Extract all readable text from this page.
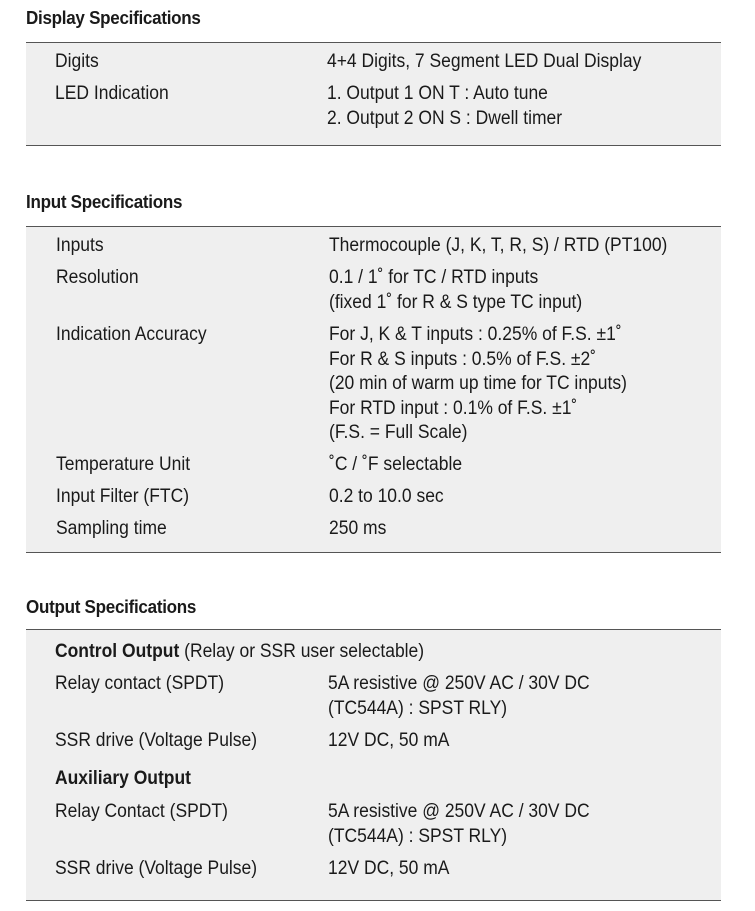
Display Specifications
Digits	4+4 Digits, 7 Segment LED Dual Display
LED Indication	1. Output 1 ON T : Auto tune
2. Output 2 ON S : Dwell timer
Input Specifications
Inputs	Thermocouple (J, K, T, R, S) / RTD (PT100)
Resolution	0.1 / 1˚ for TC / RTD inputs
(fixed 1˚ for R & S type TC input)
Indication Accuracy	For J, K & T inputs : 0.25% of F.S. ±1˚
For R & S inputs : 0.5% of F.S. ±2˚
(20 min of warm up time for TC inputs)
For RTD input : 0.1% of F.S. ±1˚
(F.S. = Full Scale)
Temperature Unit	˚C / ˚F selectable
Input Filter (FTC)	0.2 to 10.0 sec
Sampling time	250 ms
Output Specifications
Control Output (Relay or SSR user selectable)
Relay contact (SPDT)	5A resistive @ 250V AC / 30V DC
(TC544A) : SPST RLY)
SSR drive (Voltage Pulse)	12V DC, 50 mA
Auxiliary Output
Relay Contact (SPDT)	5A resistive @ 250V AC / 30V DC
(TC544A) : SPST RLY)
SSR drive (Voltage Pulse)	12V DC, 50 mA
